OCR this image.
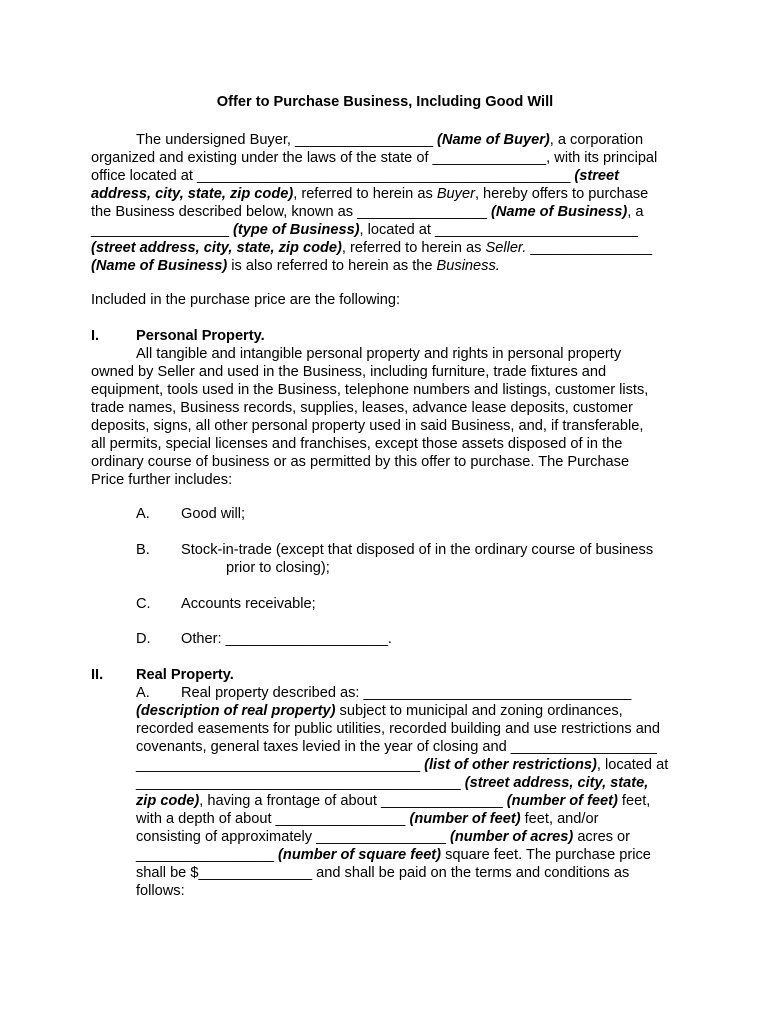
Offer to Purchase Business, Including Good Will
The undersigned Buyer, _________________ (Name of Buyer), a corporation
organized and existing under the laws of the state of ______________, with its principal
office located at ______________________________________________ (street
address, city, state, zip code), referred to herein as Buyer, hereby offers to purchase
the Business described below, known as ________________ (Name of Business), a
_________________ (type of Business), located at _________________________
(street address, city, state, zip code), referred to herein as Seller. _______________
(Name of Business) is also referred to herein as the Business.
Included in the purchase price are the following:
I.	Personal Property.
All tangible and intangible personal property and rights in personal property
owned by Seller and used in the Business, including furniture, trade fixtures and
equipment, tools used in the Business, telephone numbers and listings, customer lists,
trade names, Business records, supplies, leases, advance lease deposits, customer
deposits, signs, all other personal property used in said Business, and, if transferable,
all permits, special licenses and franchises, except those assets disposed of in the
ordinary course of business or as permitted by this offer to purchase. The Purchase
Price further includes:
A. Good will;
B. Stock-in-trade (except that disposed of in the ordinary course of business
prior to closing);
C. Accounts receivable;
D. Other: ____________________.
II. Real Property.
A. Real property described as: _________________________________
(description of real property) subject to municipal and zoning ordinances,
recorded easements for public utilities, recorded building and use restrictions and
covenants, general taxes levied in the year of closing and __________________
___________________________________ (list of other restrictions), located at
________________________________________ (street address, city, state,
zip code), having a frontage of about _______________ (number of feet) feet,
with a depth of about ________________ (number of feet) feet, and/or
consisting of approximately ________________ (number of acres) acres or
_________________ (number of square feet) square feet. The purchase price
shall be $______________ and shall be paid on the terms and conditions as
follows:
